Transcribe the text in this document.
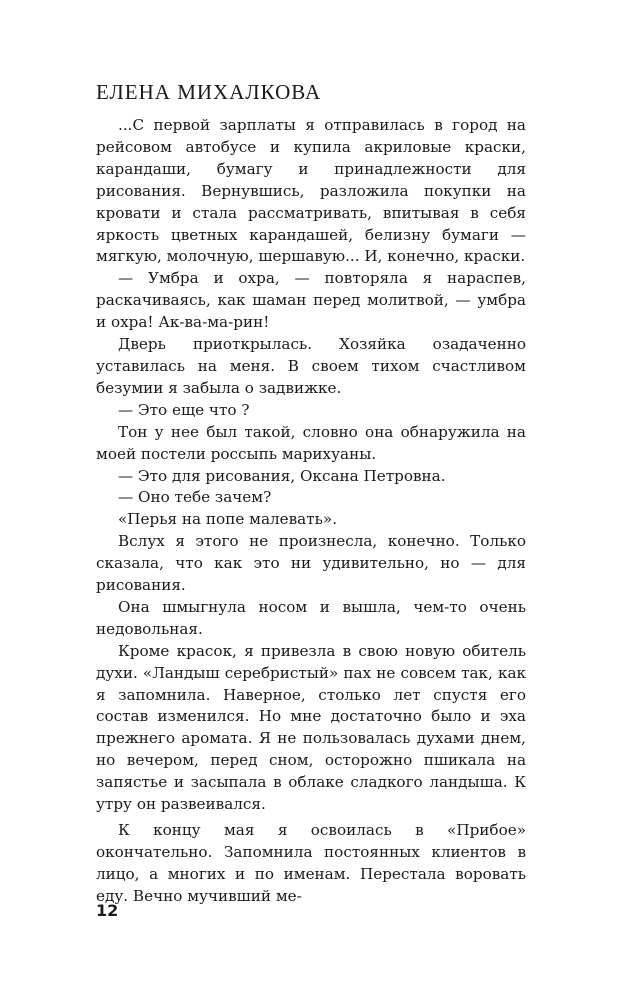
ЕЛЕНА МИХАЛКОВА

...С первой зарплаты я отправилась в город на рейсовом автобусе и купила акриловые краски, карандаши, бумагу и принадлежности для рисования. Вернувшись, разложила покупки на кровати и стала рассматривать, впитывая в себя яркость цветных карандашей, белизну бумаги — мягкую, молочную, шершавую... И, конечно, краски.

— Умбра и охра, — повторяла я нараспев, раскачиваясь, как шаман перед молитвой, — умбра и охра! Ак-ва-ма-рин!

Дверь приоткрылась. Хозяйка озадаченно уставилась на меня. В своем тихом счастливом безумии я забыла о задвижке.

— Это еще что ?

Тон у нее был такой, словно она обнаружила на моей постели россыпь марихуаны.

— Это для рисования, Оксана Петровна.

— Оно тебе зачем?

«Перья на попе малевать».

Вслух я этого не произнесла, конечно. Только сказала, что как это ни удивительно, но — для рисования.

Она шмыгнула носом и вышла, чем-то очень недовольная.

Кроме красок, я привезла в свою новую обитель духи. «Ландыш серебристый» пах не совсем так, как я запомнила. Наверное, столько лет спустя его состав изменился. Но мне достаточно было и эха прежнего аромата. Я не пользовалась духами днем, но вечером, перед сном, осторожно пшикала на запястье и засыпала в облаке сладкого ландыша. К утру он развеивался.

К концу мая я освоилась в «Прибое» окончательно. Запомнила постоянных клиентов в лицо, а многих и по именам. Перестала воровать еду. Вечно мучивший ме-

12
